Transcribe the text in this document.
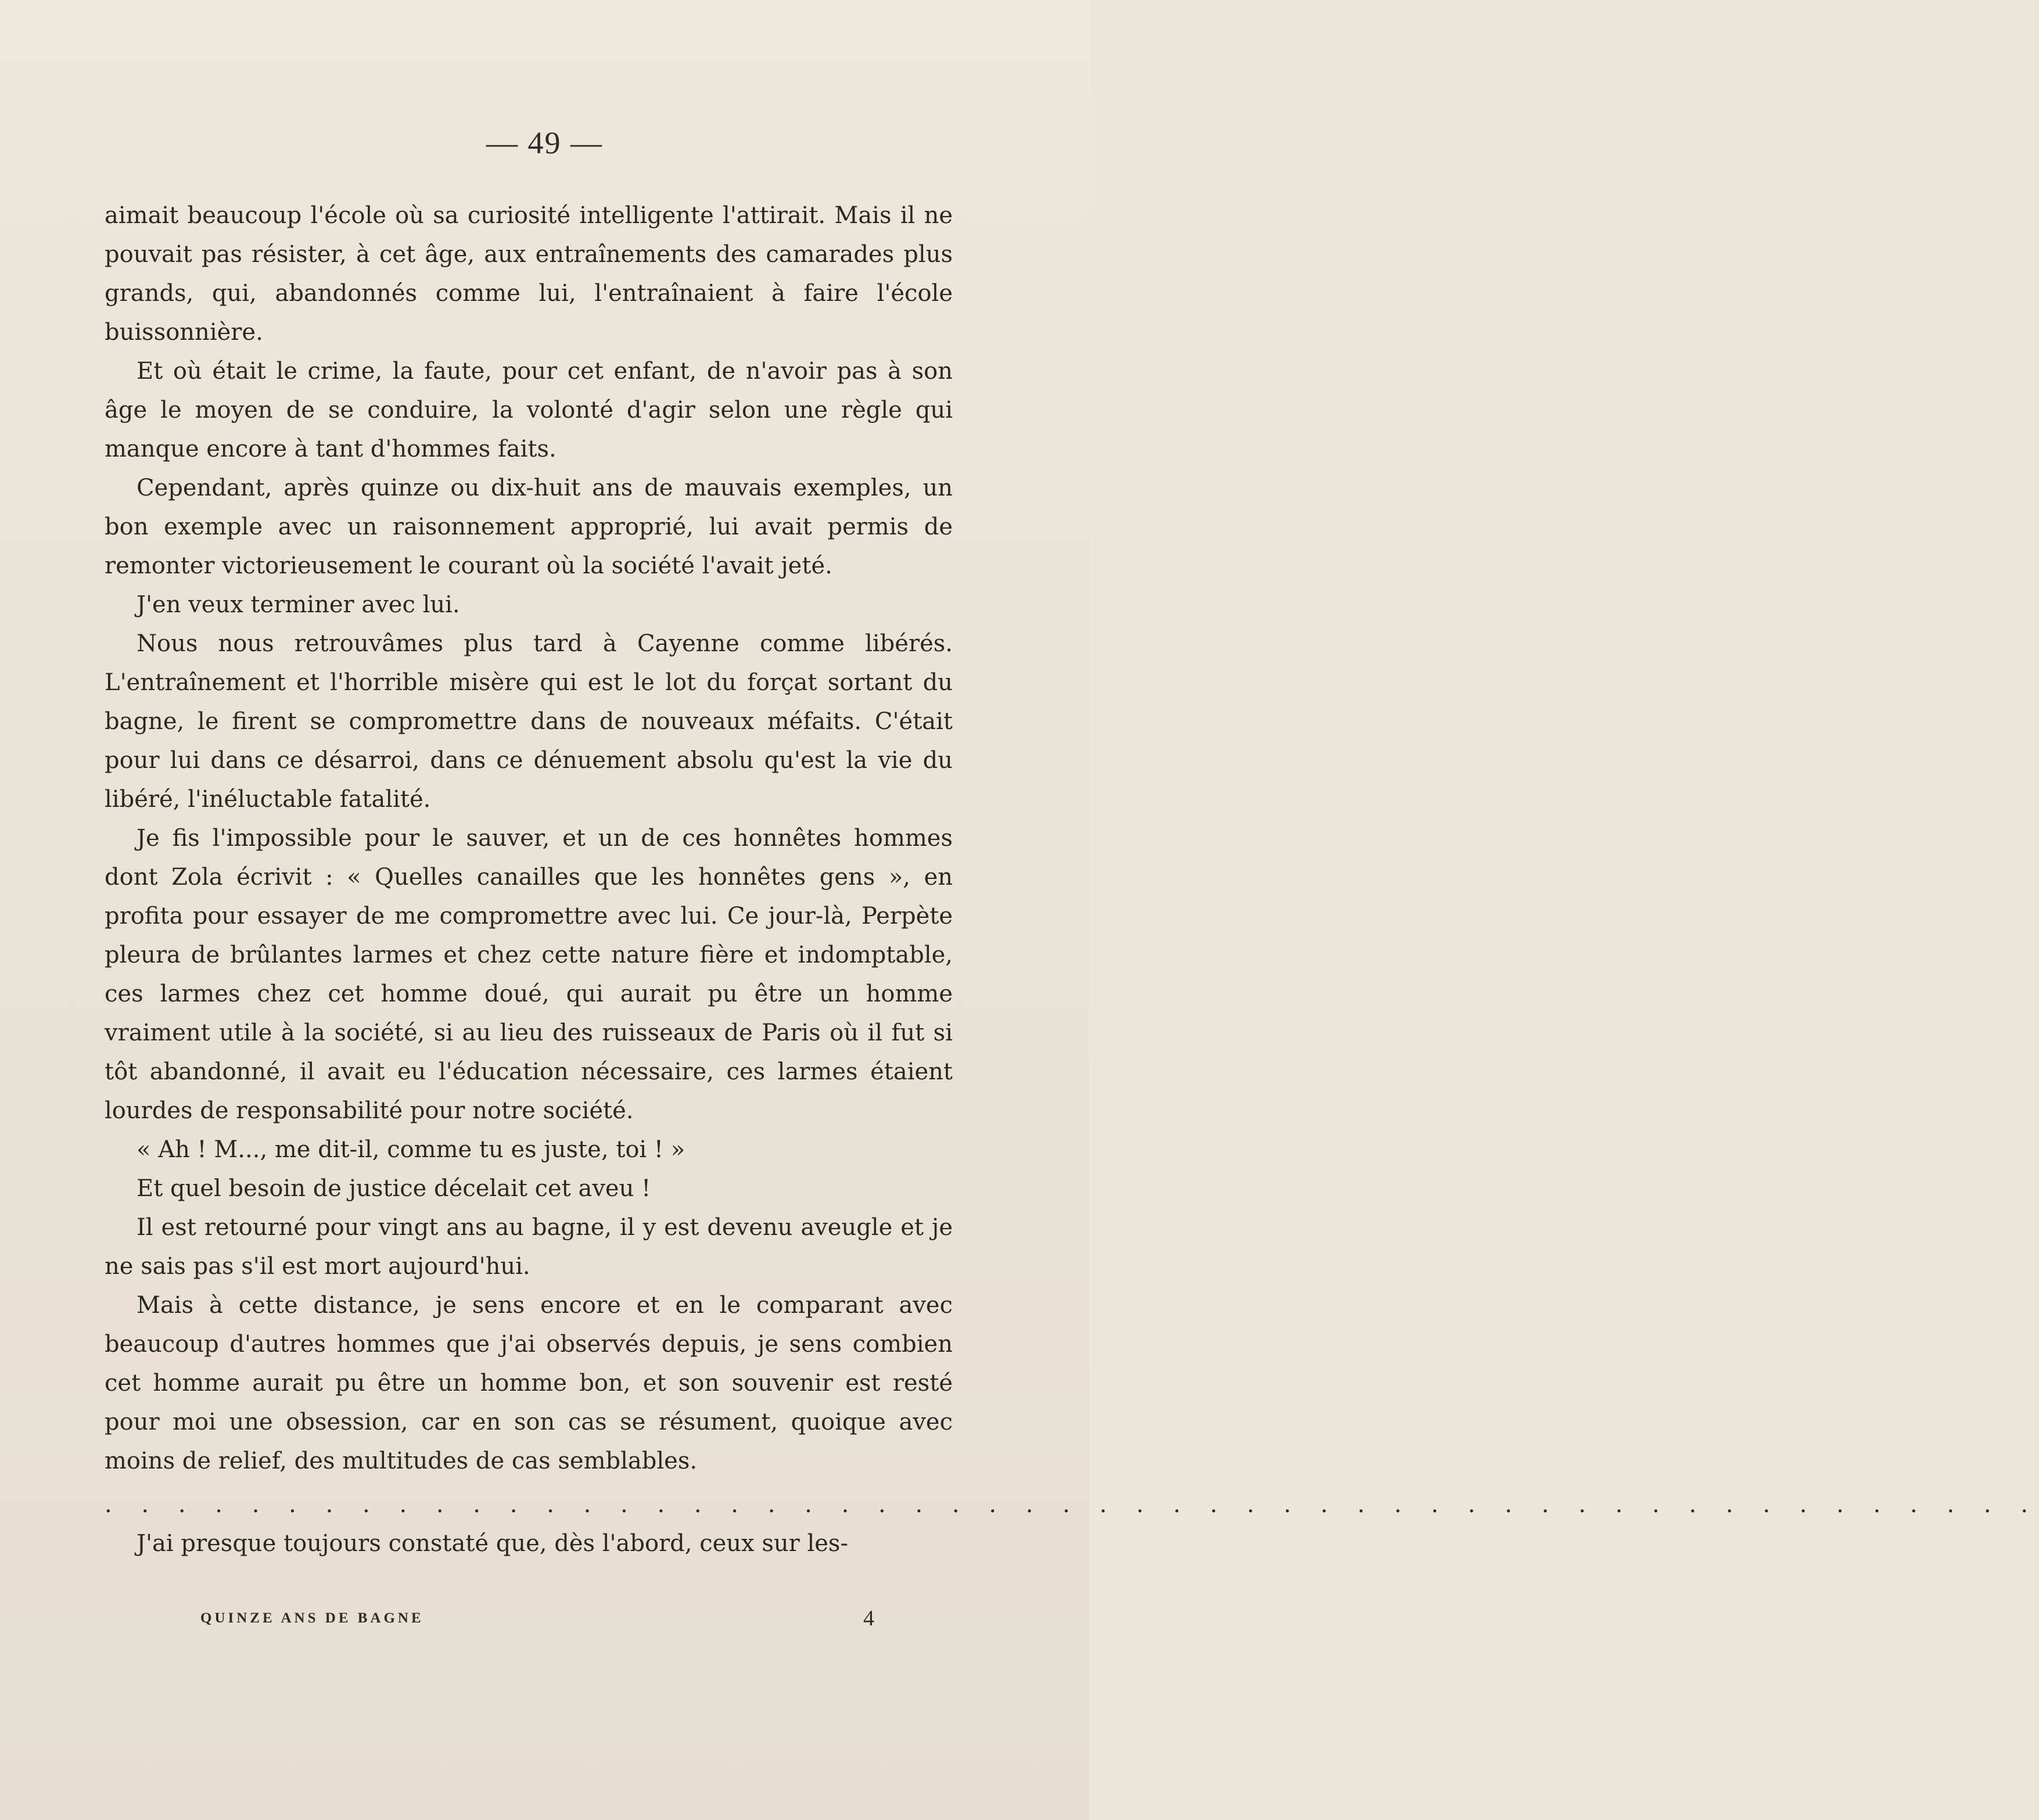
— 49 —

aimait beaucoup l'école où sa curiosité intelligente l'attirait. Mais il ne pouvait pas résister, à cet âge, aux entraînements des camarades plus grands, qui, abandonnés comme lui, l'entraînaient à faire l'école buissonnière.

Et où était le crime, la faute, pour cet enfant, de n'avoir pas à son âge le moyen de se conduire, la volonté d'agir selon une règle qui manque encore à tant d'hommes faits.

Cependant, après quinze ou dix-huit ans de mauvais exemples, un bon exemple avec un raisonnement approprié, lui avait permis de remonter victorieusement le courant où la société l'avait jeté.

J'en veux terminer avec lui.

Nous nous retrouvâmes plus tard à Cayenne comme libérés. L'entraînement et l'horrible misère qui est le lot du forçat sortant du bagne, le firent se compromettre dans de nouveaux méfaits. C'était pour lui dans ce désarroi, dans ce dénuement absolu qu'est la vie du libéré, l'inéluctable fatalité.

Je fis l'impossible pour le sauver, et un de ces honnêtes hommes dont Zola écrivit : « Quelles canailles que les honnêtes gens », en profita pour essayer de me compromettre avec lui. Ce jour-là, Perpète pleura de brûlantes larmes et chez cette nature fière et indomptable, ces larmes chez cet homme doué, qui aurait pu être un homme vraiment utile à la société, si au lieu des ruisseaux de Paris où il fut si tôt abandonné, il avait eu l'éducation nécessaire, ces larmes étaient lourdes de responsabilité pour notre société.

« Ah ! M..., me dit-il, comme tu es juste, toi ! »

Et quel besoin de justice décelait cet aveu !

Il est retourné pour vingt ans au bagne, il y est devenu aveugle et je ne sais pas s'il est mort aujourd'hui.

Mais à cette distance, je sens encore et en le comparant avec beaucoup d'autres hommes que j'ai observés depuis, je sens combien cet homme aurait pu être un homme bon, et son souvenir est resté pour moi une obsession, car en son cas se résument, quoique avec moins de relief, des multitudes de cas semblables.

. . . . . . . . . . . . . . . . . . . . . . . . . . . . . . . . . . . . . . . . . . . . . . . . . . . . .

J'ai presque toujours constaté que, dès l'abord, ceux sur les-

QUINZE ANS DE BAGNE	4
